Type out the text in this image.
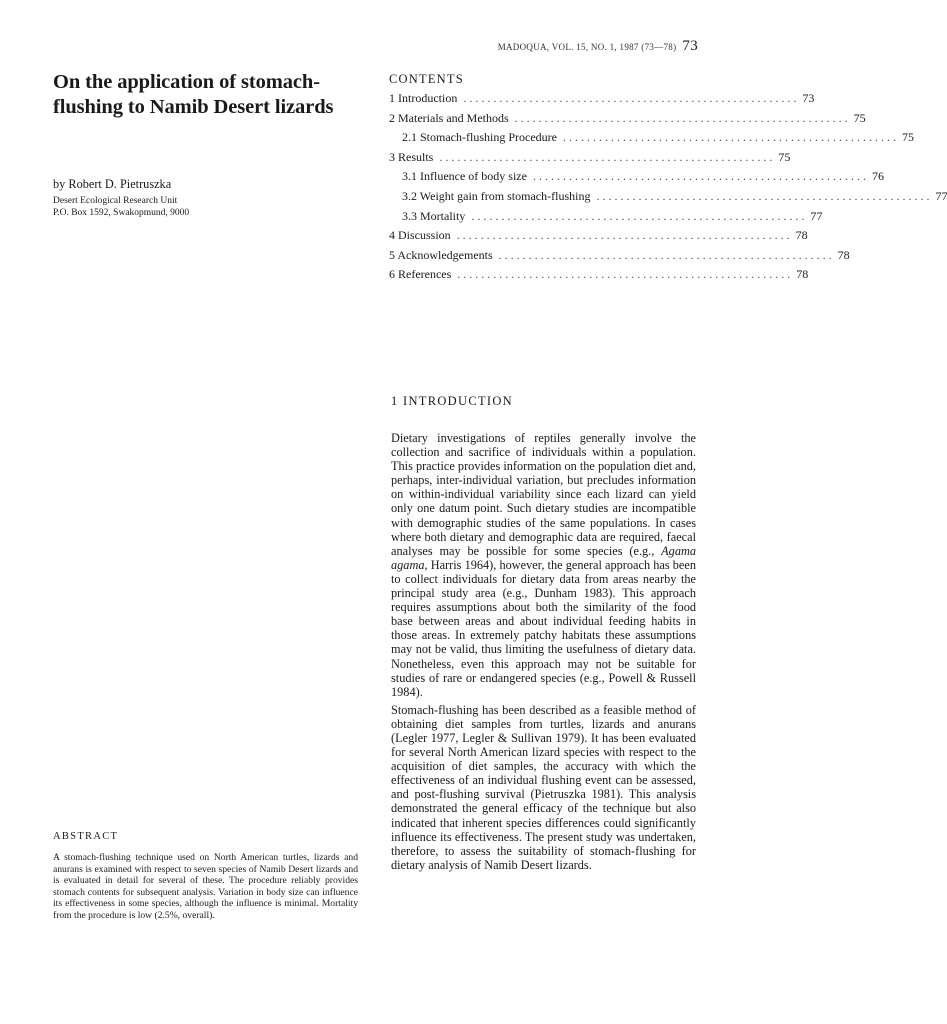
MADOQUA, VOL. 15, NO. 1, 1987 (73—78) 73
On the application of stomach-flushing to Namib Desert lizards
by Robert D. Pietruszka
Desert Ecological Research Unit
P.O. Box 1592, Swakopmund, 9000
CONTENTS
1 Introduction ........................................................ 73
2 Materials and Methods ........................................................ 75
2.1 Stomach-flushing Procedure ........................................................ 75
3 Results ........................................................ 75
3.1 Influence of body size ........................................................ 76
3.2 Weight gain from stomach-flushing ........................................................ 77
3.3 Mortality ........................................................ 77
4 Discussion ........................................................ 78
5 Acknowledgements ........................................................ 78
6 References ........................................................ 78
1 INTRODUCTION

Dietary investigations of reptiles generally involve the collection and sacrifice of individuals within a population. This practice provides information on the population diet and, perhaps, inter-individual variation, but precludes information on within-individual variability since each lizard can yield only one datum point. Such dietary studies are incompatible with demographic studies of the same populations. In cases where both dietary and demographic data are required, faecal analyses may be possible for some species (e.g., Agama agama, Harris 1964), however, the general approach has been to collect individuals for dietary data from areas nearby the principal study area (e.g., Dunham 1983). This approach requires assumptions about both the similarity of the food base between areas and about individual feeding habits in those areas. In extremely patchy habitats these assumptions may not be valid, thus limiting the usefulness of dietary data. Nonetheless, even this approach may not be suitable for studies of rare or endangered species (e.g., Powell & Russell 1984).

Stomach-flushing has been described as a feasible method of obtaining diet samples from turtles, lizards and anurans (Legler 1977, Legler & Sullivan 1979). It has been evaluated for several North American lizard species with respect to the acquisition of diet samples, the accuracy with which the effectiveness of an individual flushing event can be assessed, and post-flushing survival (Pietruszka 1981). This analysis demonstrated the general efficacy of the technique but also indicated that inherent species differences could significantly influence its effectiveness. The present study was undertaken, therefore, to assess the suitability of stomach-flushing for dietary analysis of Namib Desert lizards.

ABSTRACT

A stomach-flushing technique used on North American turtles, lizards and anurans is examined with respect to seven species of Namib Desert lizards and is evaluated in detail for several of these. The procedure reliably provides stomach contents for subsequent analysis. Variation in body size can influence its effectiveness in some species, although the influence is minimal. Mortality from the procedure is low (2.5%, overall).
